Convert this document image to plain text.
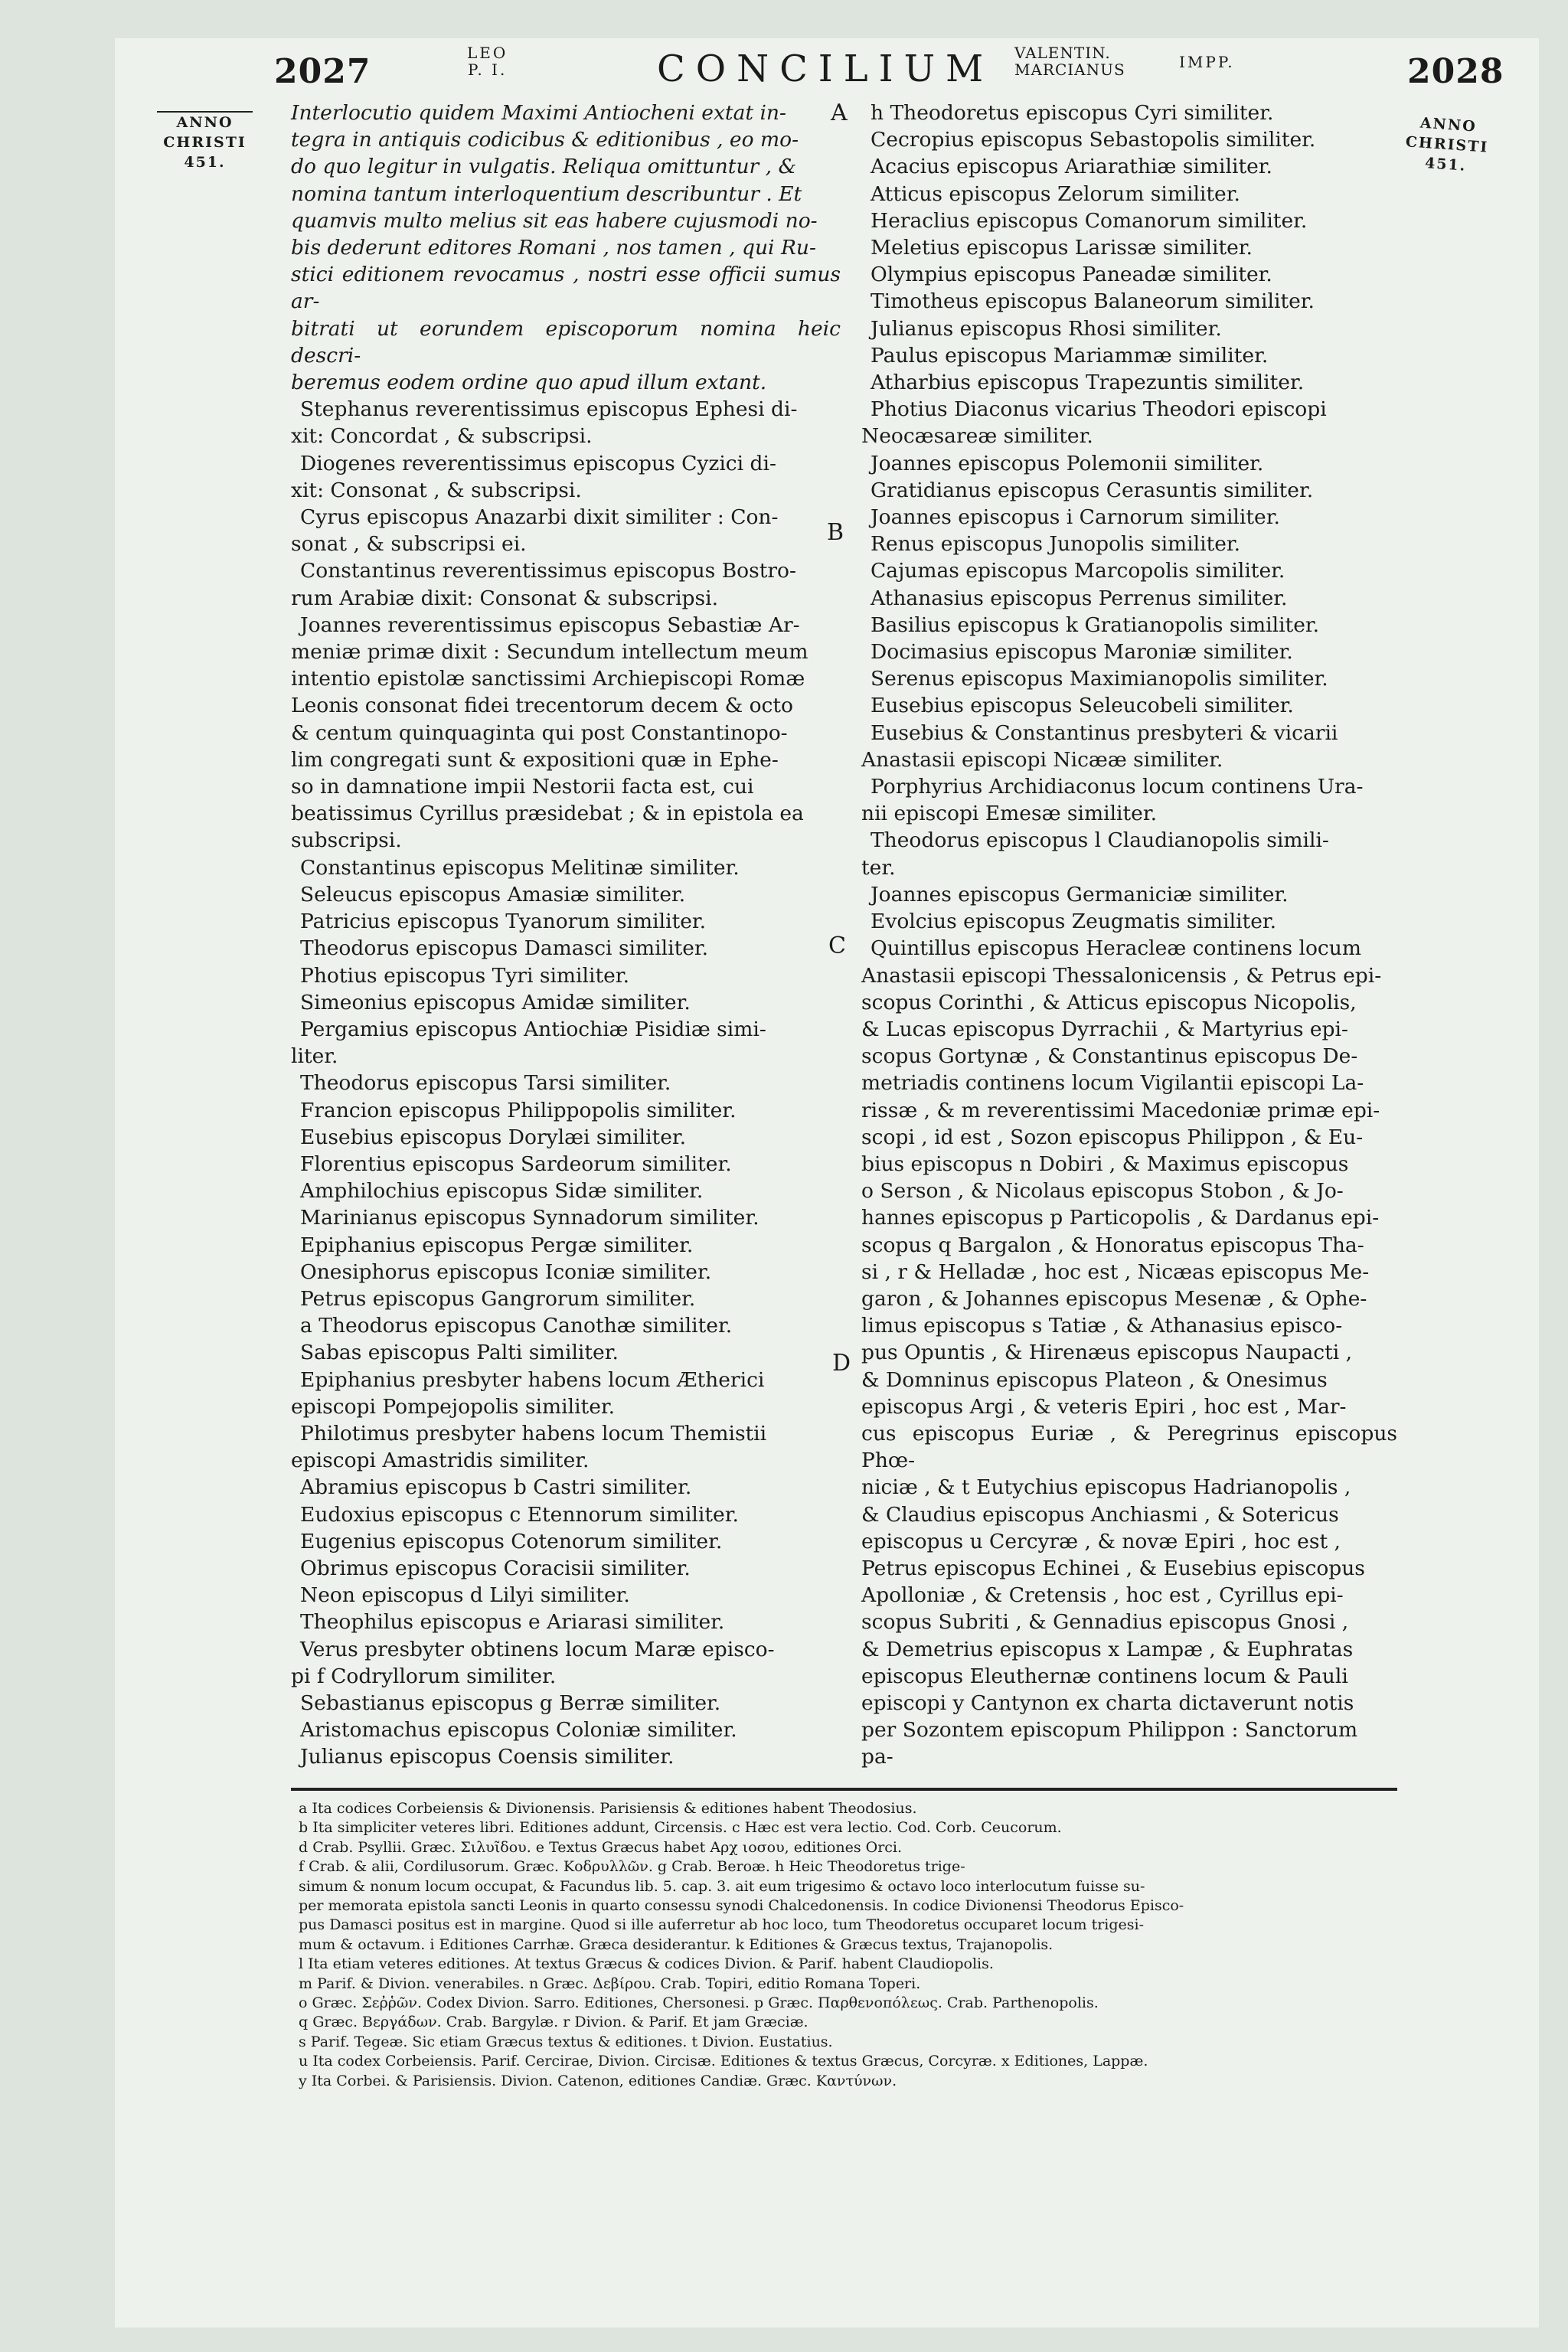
2027	LEO
P. I.	CONCILIUM VALENTIN.
MARCIANUS	IMPP.	2028
ANNO
CHRISTI
451.
ANNO
CHRISTI
451.
A
B
C
D

Interlocutio quidem Maximi Antiocheni extat in-

tegra in antiquis codicibus & editionibus , eo mo-

do quo legitur in vulgatis. Reliqua omittuntur , &

nomina tantum interloquentium describuntur . Et

quamvis multo melius sit eas habere cujusmodi no-

bis dederunt editores Romani , nos tamen , qui Ru-

stici editionem revocamus , nostri esse officii sumus ar-

bitrati ut eorundem episcoporum nomina heic descri-

beremus eodem ordine quo apud illum extant.

Stephanus reverentissimus episcopus Ephesi di-

xit: Concordat , & subscripsi.

Diogenes reverentissimus episcopus Cyzici di-

xit: Consonat , & subscripsi.

Cyrus episcopus Anazarbi dixit similiter : Con-

sonat , & subscripsi ei.

Constantinus reverentissimus episcopus Bostro-

rum Arabiæ dixit: Consonat & subscripsi.

Joannes reverentissimus episcopus Sebastiæ Ar-

meniæ primæ dixit : Secundum intellectum meum

intentio epistolæ sanctissimi Archiepiscopi Romæ

Leonis consonat fidei trecentorum decem & octo

& centum quinquaginta qui post Constantinopo-

lim congregati sunt & expositioni quæ in Ephe-

so in damnatione impii Nestorii facta est, cui

beatissimus Cyrillus præsidebat ; & in epistola ea

subscripsi.

Constantinus episcopus Melitinæ similiter.

Seleucus episcopus Amasiæ similiter.

Patricius episcopus Tyanorum similiter.

Theodorus episcopus Damasci similiter.

Photius episcopus Tyri similiter.

Simeonius episcopus Amidæ similiter.

Pergamius episcopus Antiochiæ Pisidiæ simi-

liter.

Theodorus episcopus Tarsi similiter.

Francion episcopus Philippopolis similiter.

Eusebius episcopus Dorylæi similiter.

Florentius episcopus Sardeorum similiter.

Amphilochius episcopus Sidæ similiter.

Marinianus episcopus Synnadorum similiter.

Epiphanius episcopus Pergæ similiter.

Onesiphorus episcopus Iconiæ similiter.

Petrus episcopus Gangrorum similiter.

a Theodorus episcopus Canothæ similiter.

Sabas episcopus Palti similiter.

Epiphanius presbyter habens locum Ætherici

episcopi Pompejopolis similiter.

Philotimus presbyter habens locum Themistii

episcopi Amastridis similiter.

Abramius episcopus b Castri similiter.

Eudoxius episcopus c Etennorum similiter.

Eugenius episcopus Cotenorum similiter.

Obrimus episcopus Coracisii similiter.

Neon episcopus d Lilyi similiter.

Theophilus episcopus e Ariarasi similiter.

Verus presbyter obtinens locum Maræ episco-

pi f Codryllorum similiter.

Sebastianus episcopus g Berræ similiter.

Aristomachus episcopus Coloniæ similiter.

Julianus episcopus Coensis similiter.

h Theodoretus episcopus Cyri similiter.

Cecropius episcopus Sebastopolis similiter.

Acacius episcopus Ariarathiæ similiter.

Atticus episcopus Zelorum similiter.

Heraclius episcopus Comanorum similiter.

Meletius episcopus Larissæ similiter.

Olympius episcopus Paneadæ similiter.

Timotheus episcopus Balaneorum similiter.

Julianus episcopus Rhosi similiter.

Paulus episcopus Mariammæ similiter.

Atharbius episcopus Trapezuntis similiter.

Photius Diaconus vicarius Theodori episcopi

Neocæsareæ similiter.

Joannes episcopus Polemonii similiter.

Gratidianus episcopus Cerasuntis similiter.

Joannes episcopus i Carnorum similiter.

Renus episcopus Junopolis similiter.

Cajumas episcopus Marcopolis similiter.

Athanasius episcopus Perrenus similiter.

Basilius episcopus k Gratianopolis similiter.

Docimasius episcopus Maroniæ similiter.

Serenus episcopus Maximianopolis similiter.

Eusebius episcopus Seleucobeli similiter.

Eusebius & Constantinus presbyteri & vicarii

Anastasii episcopi Nicææ similiter.

Porphyrius Archidiaconus locum continens Ura-

nii episcopi Emesæ similiter.

Theodorus episcopus l Claudianopolis simili-

ter.

Joannes episcopus Germaniciæ similiter.

Evolcius episcopus Zeugmatis similiter.

Quintillus episcopus Heracleæ continens locum

Anastasii episcopi Thessalonicensis , & Petrus epi-

scopus Corinthi , & Atticus episcopus Nicopolis,

& Lucas episcopus Dyrrachii , & Martyrius epi-

scopus Gortynæ , & Constantinus episcopus De-

metriadis continens locum Vigilantii episcopi La-

rissæ , & m reverentissimi Macedoniæ primæ epi-

scopi , id est , Sozon episcopus Philippon , & Eu-

bius episcopus n Dobiri , & Maximus episcopus

o Serson , & Nicolaus episcopus Stobon , & Jo-

hannes episcopus p Particopolis , & Dardanus epi-

scopus q Bargalon , & Honoratus episcopus Tha-

si , r & Helladæ , hoc est , Nicæas episcopus Me-

garon , & Johannes episcopus Mesenæ , & Ophe-

limus episcopus s Tatiæ , & Athanasius episco-

pus Opuntis , & Hirenæus episcopus Naupacti ,

& Domninus episcopus Plateon , & Onesimus

episcopus Argi , & veteris Epiri , hoc est , Mar-

cus episcopus Euriæ , & Peregrinus episcopus Phœ-

niciæ , & t Eutychius episcopus Hadrianopolis ,

& Claudius episcopus Anchiasmi , & Sotericus

episcopus u Cercyræ , & novæ Epiri , hoc est ,

Petrus episcopus Echinei , & Eusebius episcopus

Apolloniæ , & Cretensis , hoc est , Cyrillus epi-

scopus Subriti , & Gennadius episcopus Gnosi ,

& Demetrius episcopus x Lampæ , & Euphratas

episcopus Eleuthernæ continens locum & Pauli

episcopi y Cantynon ex charta dictaverunt notis

per Sozontem episcopum Philippon : Sanctorum

pa-

a Ita codices Corbeiensis & Divionensis. Parisiensis & editiones habent Theodosius.

b Ita simpliciter veteres libri. Editiones addunt, Circensis. c Hæc est vera lectio. Cod. Corb. Ceucorum.

d Crab. Psyllii. Græc. Σιλυῖδου. e Textus Græcus habet Αρχ ιοσου, editiones Orci.

f Crab. & alii, Cordilusorum. Græc. Κοδρυλλῶν. g Crab. Beroæ. h Heic Theodoretus trige-

simum & nonum locum occupat, & Facundus lib. 5. cap. 3. ait eum trigesimo & octavo loco interlocutum fuisse su-

per memorata epistola sancti Leonis in quarto consessu synodi Chalcedonensis. In codice Divionensi Theodorus Episco-

pus Damasci positus est in margine. Quod si ille auferretur ab hoc loco, tum Theodoretus occuparet locum trigesi-

mum & octavum. i Editiones Carrhæ. Græca desiderantur. k Editiones & Græcus textus, Trajanopolis.

l Ita etiam veteres editiones. At textus Græcus & codices Divion. & Parif. habent Claudiopolis.

m Parif. & Divion. venerabiles. n Græc. Δεβίρου. Crab. Topiri, editio Romana Toperi.

o Græc. Σεῤῥῶν. Codex Divion. Sarro. Editiones, Chersonesi. p Græc. Παρθενοπόλεως. Crab. Parthenopolis.

q Græc. Βεργάδων. Crab. Bargylæ. r Divion. & Parif. Et jam Græciæ.

s Parif. Tegeæ. Sic etiam Græcus textus & editiones. t Divion. Eustatius.

u Ita codex Corbeiensis. Parif. Cercirae, Divion. Circisæ. Editiones & textus Græcus, Corcyræ. x Editiones, Lappæ.

y Ita Corbei. & Parisiensis. Divion. Catenon, editiones Candiæ. Græc. Καντύνων.
